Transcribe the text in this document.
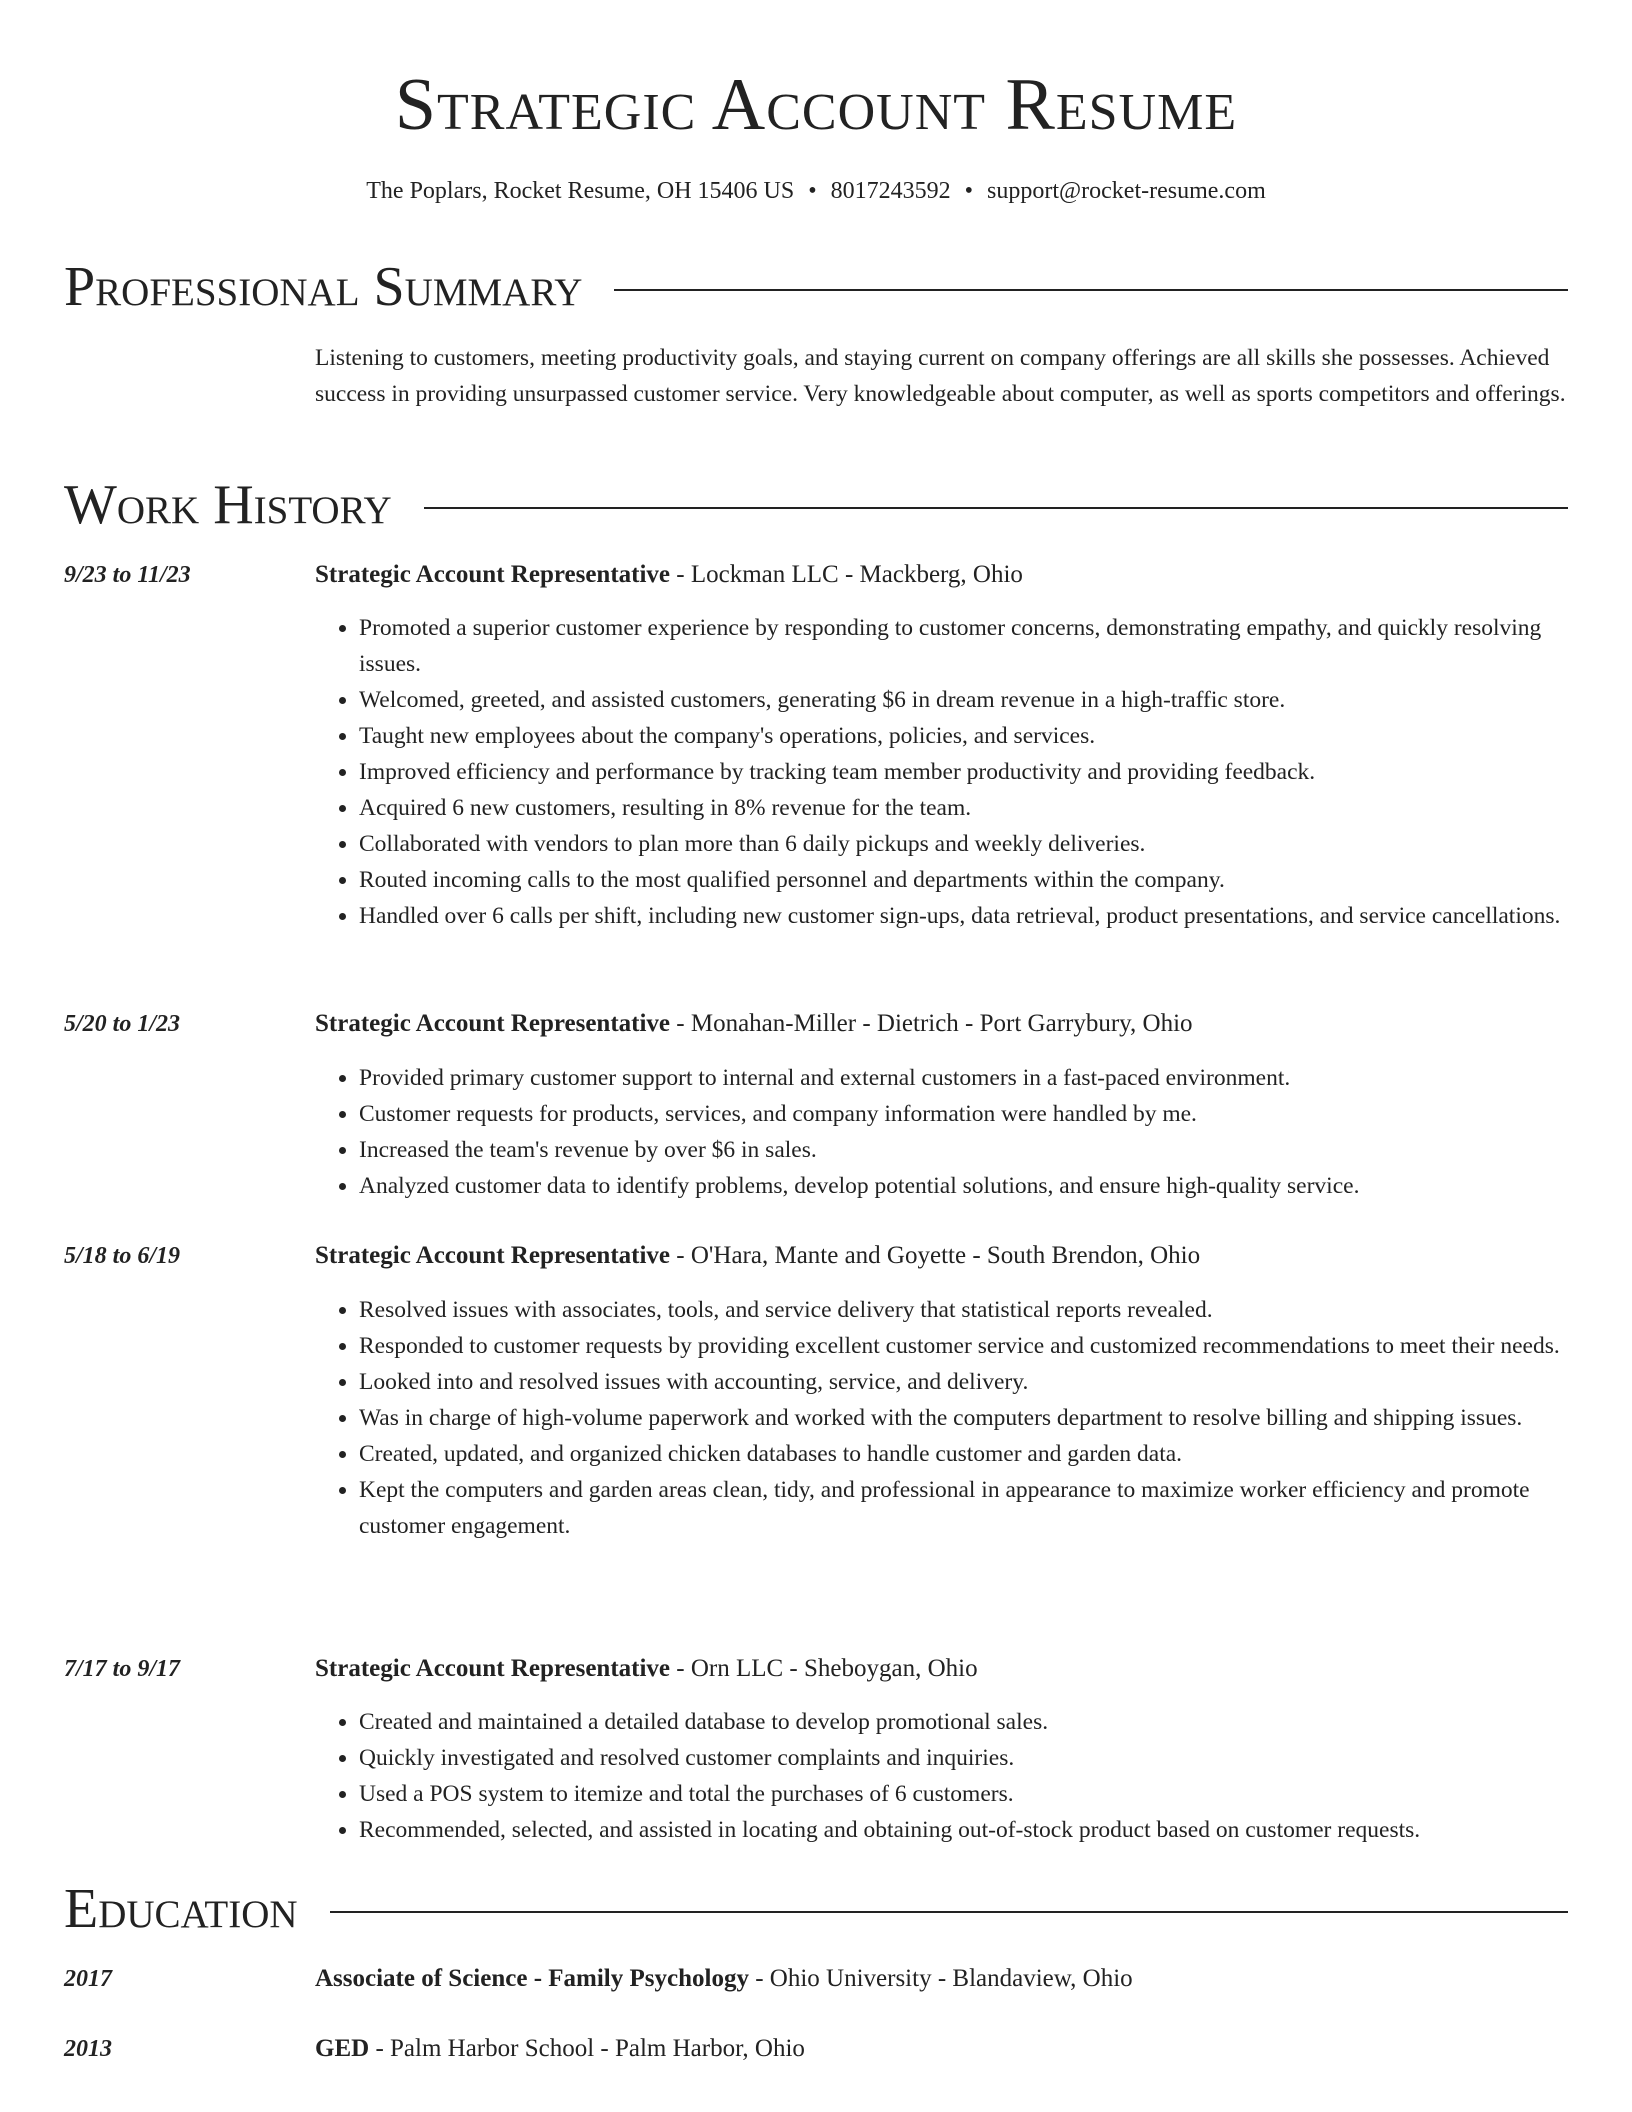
Strategic Account Resume
The Poplars, Rocket Resume, OH 15406 US • 8017243592 • support@rocket-resume.com
Professional Summary

Listening to customers, meeting productivity goals, and staying current on company offerings are all skills she possesses. Achieved success in providing unsurpassed customer service. Very knowledgeable about computer, as well as sports competitors and offerings.

Work History
9/23 to 11/23	Strategic Account Representative - Lockman LLC - Mackberg, Ohio
• Promoted a superior customer experience by responding to customer concerns, demonstrating empathy, and quickly resolving issues.
• Welcomed, greeted, and assisted customers, generating $6 in dream revenue in a high-traffic store.
• Taught new employees about the company's operations, policies, and services.
• Improved efficiency and performance by tracking team member productivity and providing feedback.
• Acquired 6 new customers, resulting in 8% revenue for the team.
• Collaborated with vendors to plan more than 6 daily pickups and weekly deliveries.
• Routed incoming calls to the most qualified personnel and departments within the company.
• Handled over 6 calls per shift, including new customer sign-ups, data retrieval, product presentations, and service cancellations.
5/20 to 1/23	Strategic Account Representative - Monahan-Miller - Dietrich - Port Garrybury, Ohio
• Provided primary customer support to internal and external customers in a fast-paced environment.
• Customer requests for products, services, and company information were handled by me.
• Increased the team's revenue by over $6 in sales.
• Analyzed customer data to identify problems, develop potential solutions, and ensure high-quality service.
5/18 to 6/19	Strategic Account Representative - O'Hara, Mante and Goyette - South Brendon, Ohio
• Resolved issues with associates, tools, and service delivery that statistical reports revealed.
• Responded to customer requests by providing excellent customer service and customized recommendations to meet their needs.
• Looked into and resolved issues with accounting, service, and delivery.
• Was in charge of high-volume paperwork and worked with the computers department to resolve billing and shipping issues.
• Created, updated, and organized chicken databases to handle customer and garden data.
• Kept the computers and garden areas clean, tidy, and professional in appearance to maximize worker efficiency and promote customer engagement.
7/17 to 9/17	Strategic Account Representative - Orn LLC - Sheboygan, Ohio
• Created and maintained a detailed database to develop promotional sales.
• Quickly investigated and resolved customer complaints and inquiries.
• Used a POS system to itemize and total the purchases of 6 customers.
• Recommended, selected, and assisted in locating and obtaining out-of-stock product based on customer requests.
Education
2017	Associate of Science - Family Psychology - Ohio University - Blandaview, Ohio
2013	GED - Palm Harbor School - Palm Harbor, Ohio
